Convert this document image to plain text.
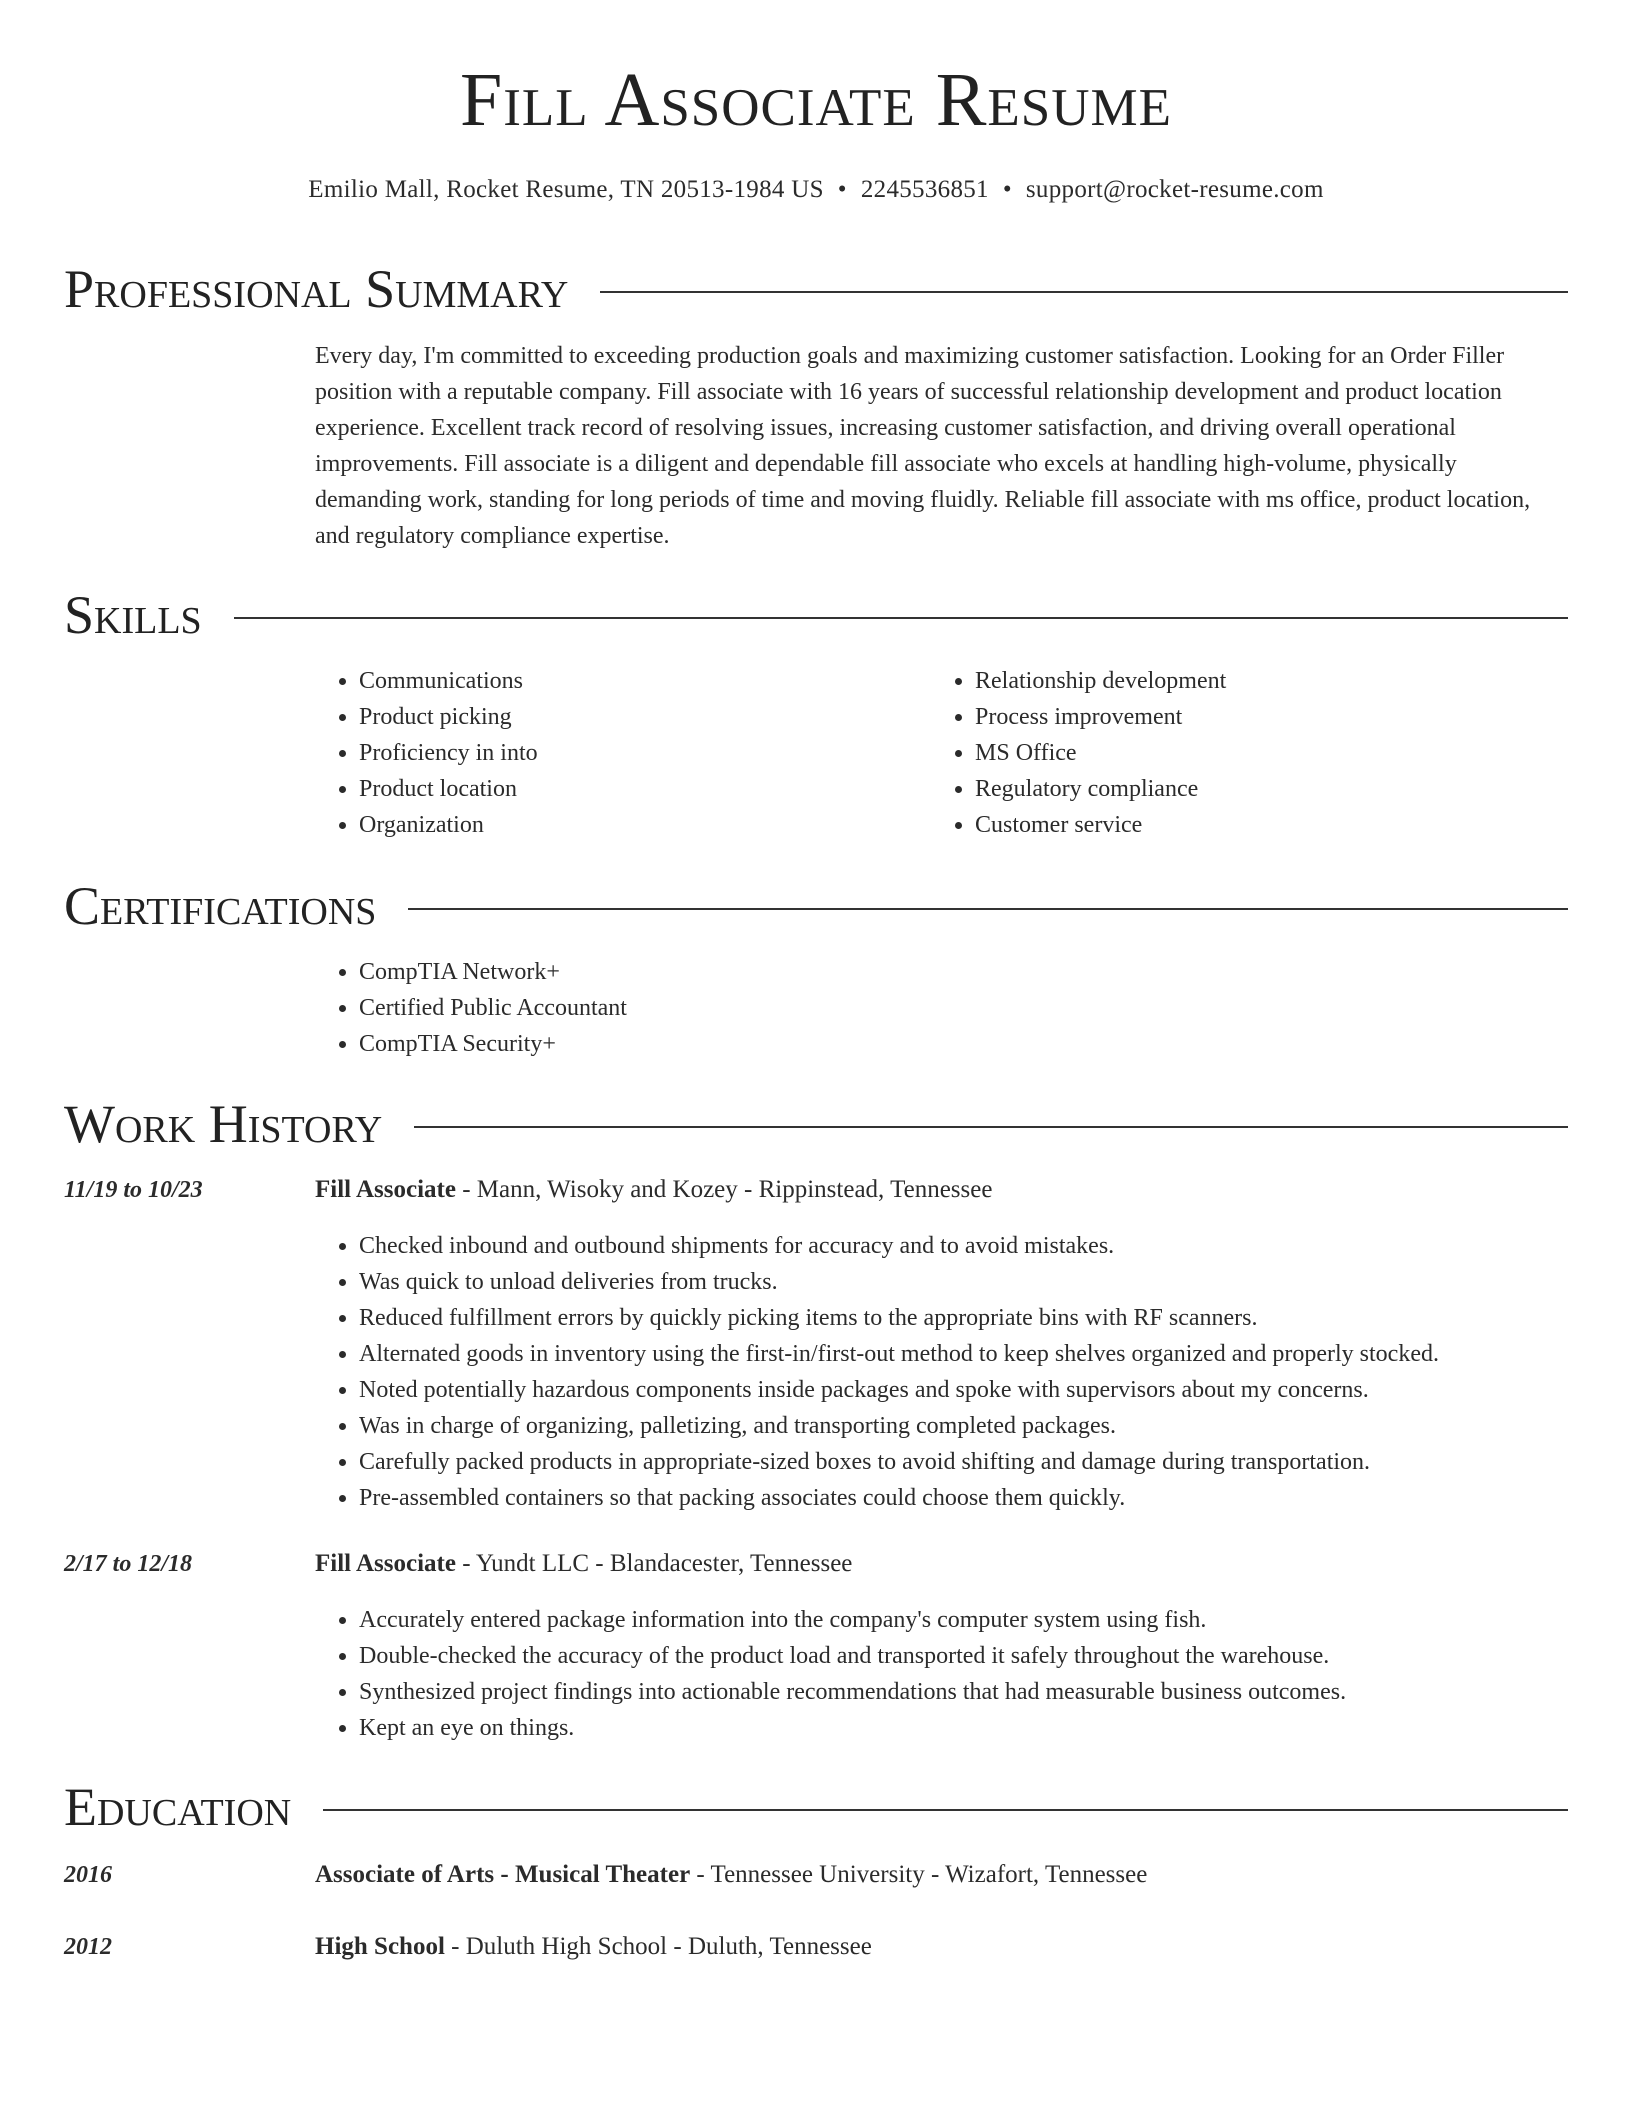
Fill Associate Resume
Emilio Mall, Rocket Resume, TN 20513-1984 US • 2245536851 • support@rocket-resume.com
Professional Summary
Every day, I'm committed to exceeding production goals and maximizing customer satisfaction. Looking for an Order Filler position with a reputable company. Fill associate with 16 years of successful relationship development and product location experience. Excellent track record of resolving issues, increasing customer satisfaction, and driving overall operational improvements. Fill associate is a diligent and dependable fill associate who excels at handling high-volume, physically demanding work, standing for long periods of time and moving fluidly. Reliable fill associate with ms office, product location, and regulatory compliance expertise.
Skills
• Communications
• Product picking
• Proficiency in into
• Product location
• Organization
• Relationship development
• Process improvement
• MS Office
• Regulatory compliance
• Customer service
Certifications
• CompTIA Network+
• Certified Public Accountant
• CompTIA Security+
Work History
11/19 to 10/23	Fill Associate - Mann, Wisoky and Kozey - Rippinstead, Tennessee
• Checked inbound and outbound shipments for accuracy and to avoid mistakes.
• Was quick to unload deliveries from trucks.
• Reduced fulfillment errors by quickly picking items to the appropriate bins with RF scanners.
• Alternated goods in inventory using the first-in/first-out method to keep shelves organized and properly stocked.
• Noted potentially hazardous components inside packages and spoke with supervisors about my concerns.
• Was in charge of organizing, palletizing, and transporting completed packages.
• Carefully packed products in appropriate-sized boxes to avoid shifting and damage during transportation.
• Pre-assembled containers so that packing associates could choose them quickly.
2/17 to 12/18	Fill Associate - Yundt LLC - Blandacester, Tennessee
• Accurately entered package information into the company's computer system using fish.
• Double-checked the accuracy of the product load and transported it safely throughout the warehouse.
• Synthesized project findings into actionable recommendations that had measurable business outcomes.
• Kept an eye on things.
Education
2016	Associate of Arts - Musical Theater - Tennessee University - Wizafort, Tennessee
2012	High School - Duluth High School - Duluth, Tennessee
